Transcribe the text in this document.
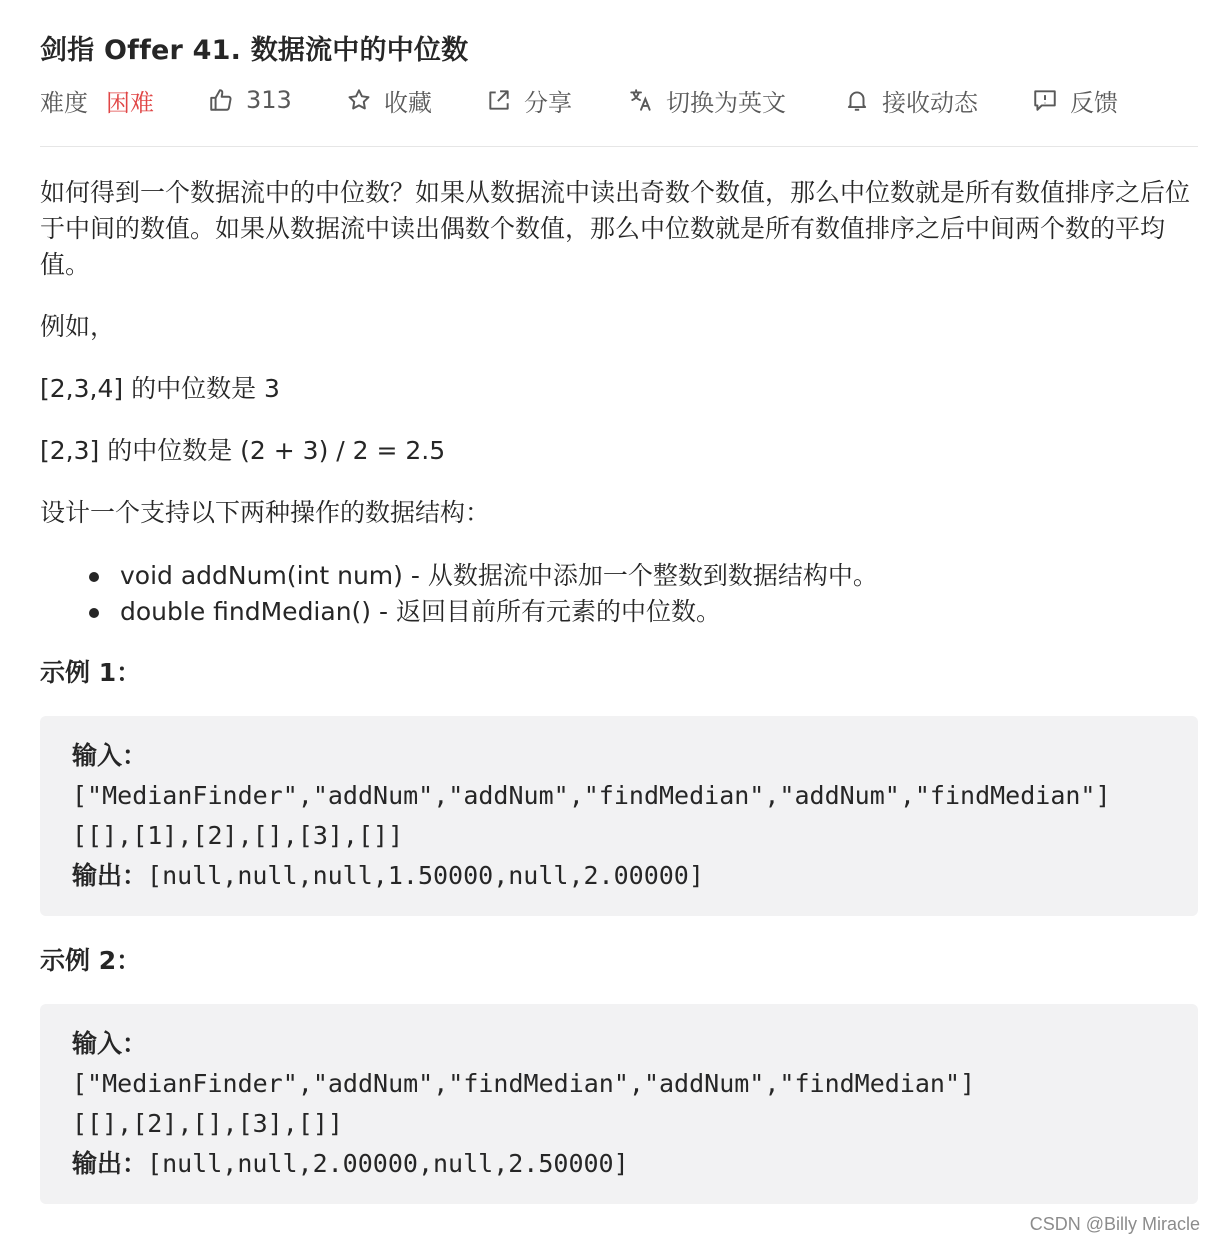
剑指 Offer 41. 数据流中的中位数
难度 困难	313	收藏	分享	切换为英文	接收动态	反馈
如何得到一个数据流中的中位数？如果从数据流中读出奇数个数值，那么中位数就是所有数值排序之后位于中间的数值。如果从数据流中读出偶数个数值，那么中位数就是所有数值排序之后中间两个数的平均值。
例如，
[2,3,4] 的中位数是 3
[2,3] 的中位数是 (2 + 3) / 2 = 2.5
设计一个支持以下两种操作的数据结构：
void addNum(int num) - 从数据流中添加一个整数到数据结构中。
double findMedian() - 返回目前所有元素的中位数。
示例 1：
输入：
["MedianFinder","addNum","addNum","findMedian","addNum","findMedian"]
[[],[1],[2],[],[3],[]]
输出：[null,null,null,1.50000,null,2.00000]
示例 2：
输入：
["MedianFinder","addNum","findMedian","addNum","findMedian"]
[[],[2],[],[3],[]]
输出：[null,null,2.00000,null,2.50000]
CSDN @Billy Miracle
